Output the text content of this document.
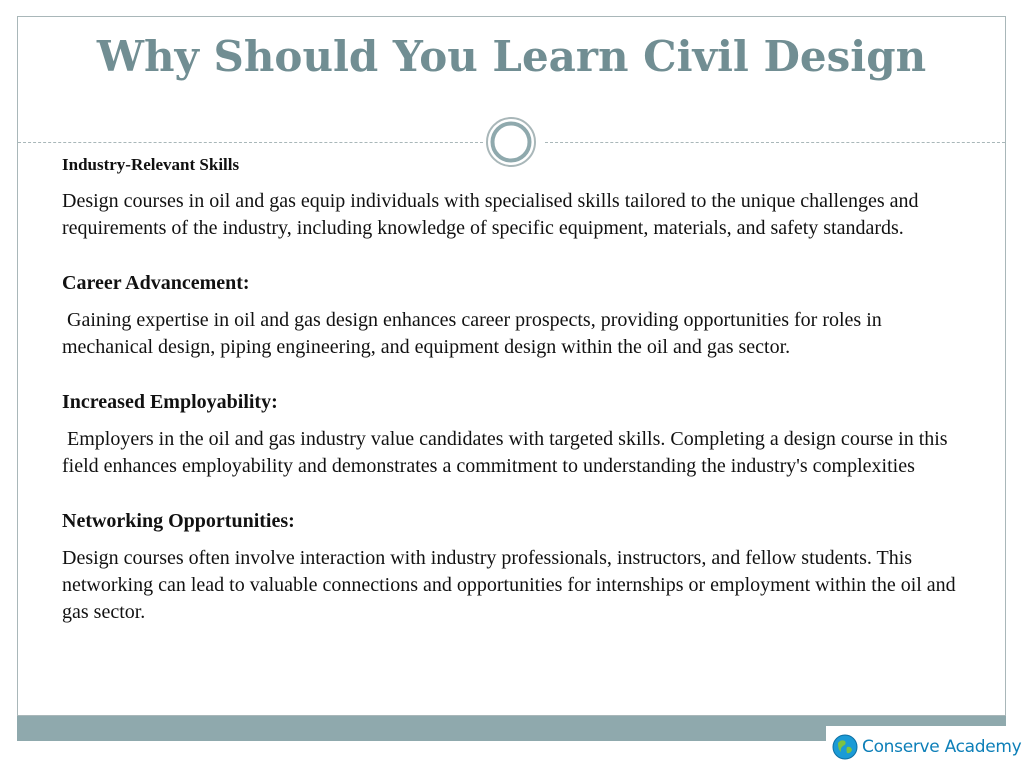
Why Should You Learn Civil Design

Industry-Relevant Skills

Design courses in oil and gas equip individuals with specialised skills tailored to the unique challenges and requirements of the industry, including knowledge of specific equipment, materials, and safety standards.

Career Advancement:

Gaining expertise in oil and gas design enhances career prospects, providing opportunities for roles in mechanical design, piping engineering, and equipment design within the oil and gas sector.

Increased Employability:

Employers in the oil and gas industry value candidates with targeted skills. Completing a design course in this field enhances employability and demonstrates a commitment to understanding the industry's complexities

Networking Opportunities:

Design courses often involve interaction with industry professionals, instructors, and fellow students. This networking can lead to valuable connections and opportunities for internships or employment within the oil and gas sector.

Conserve Academy
